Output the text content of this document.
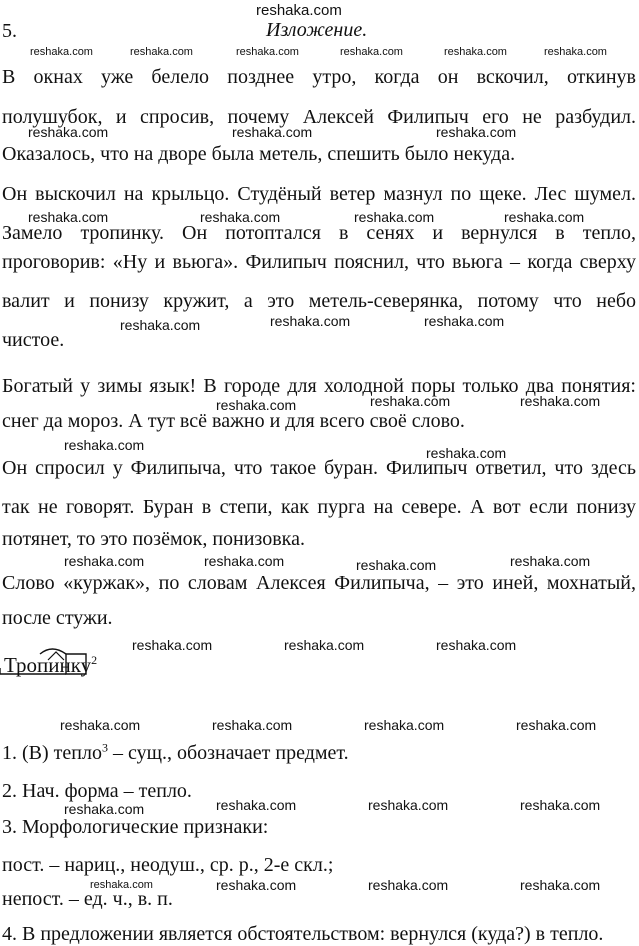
5.	Изложение.
В окнах уже белело позднее утро, когда он вскочил, откинув
полушубок, и спросив, почему Алексей Филипыч его не разбудил.
Оказалось, что на дворе была метель, спешить было некуда.
Он выскочил на крыльцо. Студёный ветер мазнул по щеке. Лес шумел.
Замело тропинку. Он потоптался в сенях и вернулся в тепло,
проговорив: «Ну и вьюга». Филипыч пояснил, что вьюга – когда сверху
валит и понизу кружит, а это метель-северянка, потому что небо
чистое.
Богатый у зимы язык! В городе для холодной поры только два понятия:
снег да мороз. А тут всё важно и для всего своё слово.
Он спросил у Филипыча, что такое буран. Филипыч ответил, что здесь
так не говорят. Буран в степи, как пурга на севере. А вот если понизу
потянет, то это позёмок, понизовка.
Слово «куржак», по словам Алексея Филипыча, – это иней, мохнатый,
после стужи.
Тропинку$^2$
1. (В) тепло$^3$ – сущ., обозначает предмет.
2. Нач. форма – тепло.
3. Морфологические признаки:
пост. – нариц., неодуш., ср. р., 2-е скл.;
непост. – ед. ч., в. п.
4. В предложении является обстоятельством: вернулся (куда?) в тепло.
reshaka.com
reshaka.com	reshaka.com	reshaka.com	reshaka.com	reshaka.com	reshaka.com
reshaka.com	reshaka.com	reshaka.com
reshaka.com	reshaka.com	reshaka.com	reshaka.com
reshaka.com	reshaka.com	reshaka.com
reshaka.com	reshaka.com	reshaka.com
reshaka.com	reshaka.com
reshaka.com	reshaka.com	reshaka.com	reshaka.com
reshaka.com	reshaka.com	reshaka.com
reshaka.com	reshaka.com	reshaka.com	reshaka.com
reshaka.com	reshaka.com	reshaka.com	reshaka.com
reshaka.com	reshaka.com	reshaka.com	reshaka.com
